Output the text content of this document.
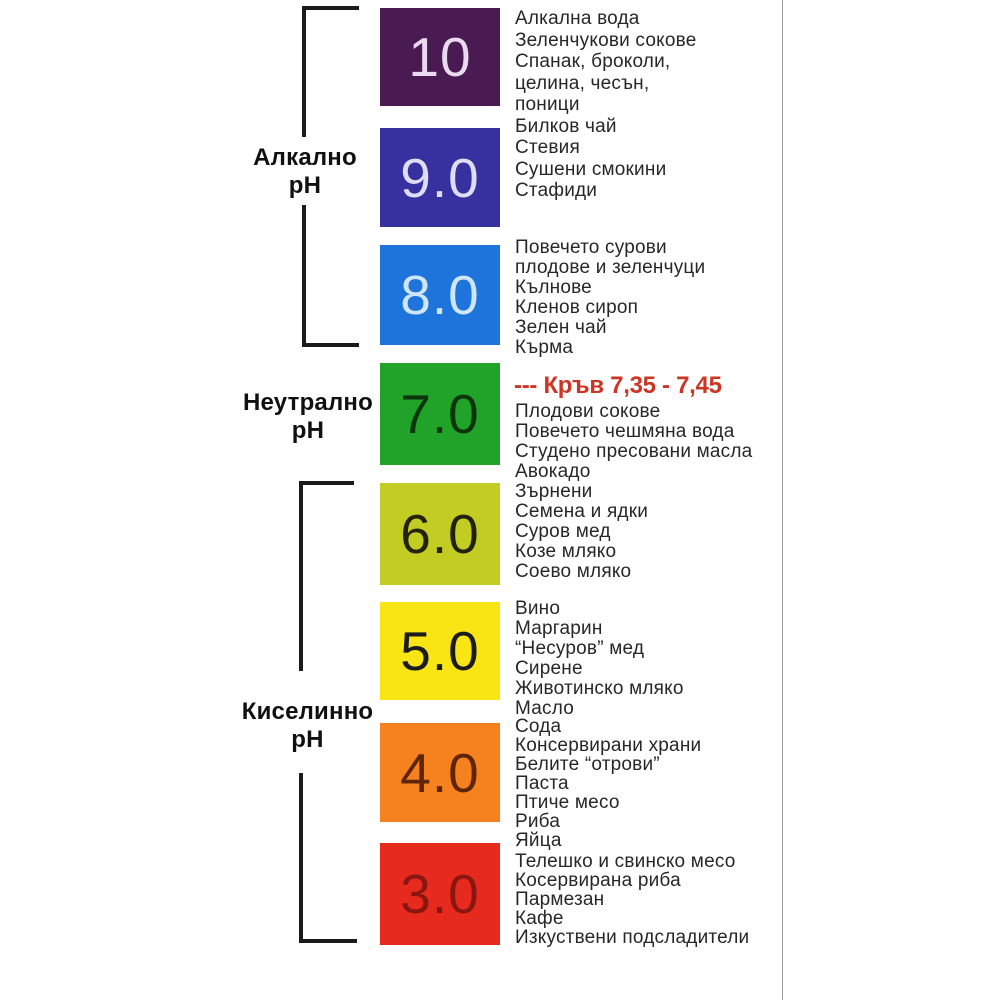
Алкално
pH
Неутрално
pH
Киселинно
pH
--- Кръв 7,35 - 7,45
10
Алкална вода
Зеленчукови сокове
Спанак, броколи,
целина, чесън,
поници
9.0
Билков чай
Стевия
Сушени смокини
Стафиди
8.0
Повечето сурови
плодове и зеленчуци
Кълнове
Кленов сироп
Зелен чай
Кърма
7.0 Плодови сокове
Повечето чешмяна вода
Студено пресовани масла
Авокадо
6.0
Зърнени
Семена и ядки
Суров мед
Козе мляко
Соево мляко
5.0
Вино
Маргарин
“Несуров” мед
Сирене
Животинско мляко
Масло
4.0
Сода
Консервирани храни
Белите “отрови”
Паста
Птиче месо
Риба
Яйца
3.0
Телешко и свинско месо
Косервирана риба
Пармезан
Кафе
Изкуствени подсладители
